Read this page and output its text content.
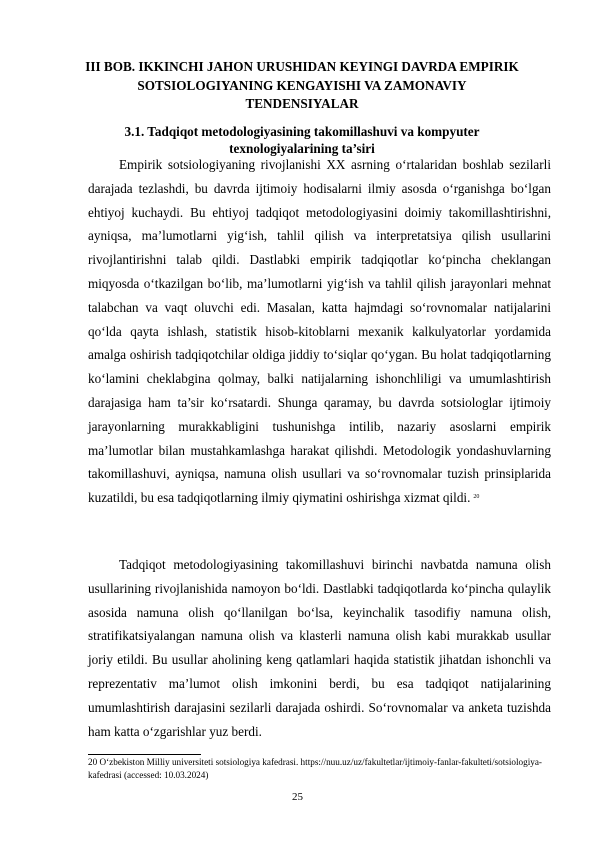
III BOB. IKKINCHI JAHON URUSHIDAN KEYINGI DAVRDA EMPIRIK SOTSIOLOGIYANING KENGAYISHI VA ZAMONAVIY TENDENSIYALAR
3.1. Tadqiqot metodologiyasining takomillashuvi va kompyuter texnologiyalarining ta’siri

Empirik sotsiologiyaning rivojlanishi XX asrning o‘rtalaridan boshlab sezilarli darajada tezlashdi, bu davrda ijtimoiy hodisalarni ilmiy asosda o‘rganishga bo‘lgan ehtiyoj kuchaydi. Bu ehtiyoj tadqiqot metodologiyasini doimiy takomillashtirishni, ayniqsa, ma’lumotlarni yig‘ish, tahlil qilish va interpretatsiya qilish usullarini rivojlantirishni talab qildi. Dastlabki empirik tadqiqotlar ko‘pincha cheklangan miqyosda o‘tkazilgan bo‘lib, ma’lumotlarni yig‘ish va tahlil qilish jarayonlari mehnat talabchan va vaqt oluvchi edi. Masalan, katta hajmdagi so‘rovnomalar natijalarini qo‘lda qayta ishlash, statistik hisob-kitoblarni mexanik kalkulyatorlar yordamida amalga oshirish tadqiqotchilar oldiga jiddiy to‘siqlar qo‘ygan. Bu holat tadqiqotlarning ko‘lamini cheklabgina qolmay, balki natijalarning ishonchliligi va umumlashtirish darajasiga ham ta’sir ko‘rsatardi. Shunga qaramay, bu davrda sotsiologlar ijtimoiy jarayonlarning murakkabligini tushunishga intilib, nazariy asoslarni empirik ma’lumotlar bilan mustahkamlashga harakat qilishdi. Metodologik yondashuvlarning takomillashuvi, ayniqsa, namuna olish usullari va so‘rovnomalar tuzish prinsiplarida kuzatildi, bu esa tadqiqotlarning ilmiy qiymatini oshirishga xizmat qildi. $^{20}$

Tadqiqot metodologiyasining takomillashuvi birinchi navbatda namuna olish usullarining rivojlanishida namoyon bo‘ldi. Dastlabki tadqiqotlarda ko‘pincha qulaylik asosida namuna olish qo‘llanilgan bo‘lsa, keyinchalik tasodifiy namuna olish, stratifikatsiyalangan namuna olish va klasterli namuna olish kabi murakkab usullar joriy etildi. Bu usullar aholining keng qatlamlari haqida statistik jihatdan ishonchli va reprezentativ ma’lumot olish imkonini berdi, bu esa tadqiqot natijalarining umumlashtirish darajasini sezilarli darajada oshirdi. So‘rovnomalar va anketa tuzishda ham katta o‘zgarishlar yuz berdi.

20 O‘zbekiston Milliy universiteti sotsiologiya kafedrasi. https://nuu.uz/uz/fakultetlar/ijtimoiy-fanlar-fakulteti/sotsiologiya-kafedrasi (accessed: 10.03.2024)
25
